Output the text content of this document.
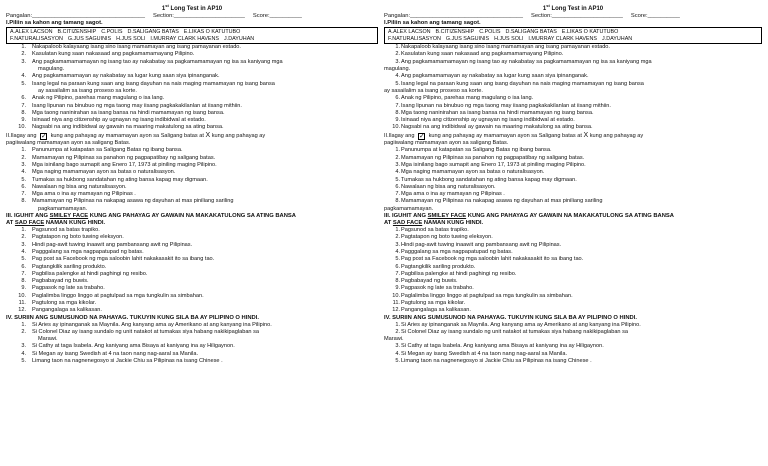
1st Long Test in AP10
Pangalan:___________________________________ Section:______________________ Score:__________
I.Piliin sa kahon ang tamang sagot.
A.ALEX LACSON B.CITIZENSHIP C.POLIS D.SALIGANG BATAS E.LIKAS O KATUTUBO
F.NATURALISASYON G.JUS SAGUINIS H.JUS SOLI I.MURRAY CLARK HAVENS J.DAYUHAN
1.	Nakapaloob kalayaang isang sino isang mamamayan ang isang pamayanan estado.
2.	Kasulatan kung saan nakasaad ang pagkamamamayang Pilipino.
3.	Ang pagkamamamamayan ng isang tao ay nakabatay sa pagkamamamayan ng isa sa kaniyang mga
magulang.
4.	Ang pagkamamamayan ay nakabatay sa lugar kung saan siya ipinanganak.
5.	Isang legal na paraan kung saan ang isang dayuhan na nais maging mamamayan ng isang bansa
ay sasailalim sa isang proseso sa korte.
6.	Anak ng Pilipino, parehas mang magulang o isa lang.
7.	Isang lipunan na binubuo ng mga taong may iisang pagkakakilanlan at iisang mithiin.
8.	Mga taong naninirahan sa isang bansa na hindi mamamayan ng isang bansa.
9.	Isinaad niya ang citizenship ay ugnayan ng isang indibidwal at estado.
10.	Nagsabi na ang indibidwal ay gawain na maaring makatulong sa ating bansa.
II.Ilagay ang ✓ kung ang pahayag ay mamamayan ayon sa Saligang batas at X kung ang pahayag ay
pagiiwalang mamamayan ayon sa saligang Batas.
1.	Panunumpa at katapatan sa Saligang Batas ng ibang bansa.
2.	Mamamayan ng Pilipinas sa panahon ng pagpapatibay ng saligang batas.
3.	Mga isinilang bago sumapit ang Enero 17, 1973 at piniling maging Pilipino.
4.	Mga naging mamamayan ayon sa batas o naturalisasyon.
5.	Tumakas sa hukbong sandatahan ng ating bansa kapag may digmaan.
6.	Nawalaan ng bisa ang naturalisasyon.
7.	Mga ama o ina ay mamayan ng Pilipinas .
8.	Mamamayan ng Pilipinas na nakapag asawa ng dayuhan at mas piniliang sariling
pagkamamamayan.
III. IGUHIT ANG SMILEY FACE KUNG ANG PAHAYAG AY GAWAIN NA MAKAKATULONG SA ATING BANSA
AT SAD FACE NAMAN KUNG HINDI.
1.	Pagsunod sa batas trapiko.
2.	Pagtatapon ng boto tuwing eleksyon.
3.	Hindi pag-awit tuwing inaawit ang pambansang awit ng Pilipinas.
4.	Pagggalang sa mga nagpapatupad ng batas.
5.	Pag post sa Facebook ng mga saloobin lahit nakakasakit ito sa ibang tao.
6.	Pagtangkilik sariling produkto.
7.	Pagbilisa palengke at hindi paghingi ng resibo.
8.	Pagbabayad ng buwis.
9.	Pagpasok ng late sa trabaho.
10.	Paglalimba linggo linggo at pagtulpad sa mga tungkulin sa simbahan.
11.	Pagtulong sa mga kikolar.
12.	Pangangalaga sa kalikasan.
IV. SURIIN ANG SUMUSUNOD NA PAHAYAG. TUKUYIN KUNG SILA BA AY PILIPINO O HINDI.
1.	Si Aries ay ipinanganak sa Maynila. Ang kanyang ama ay Amerikano at ang kanyang ina Pilipino.
2.	Si Colonel Diaz ay isang sundalo ng unit natakot at tumakas siya habang nakikipaglaban sa
Marawi.
3.	Si Cathy at taga Isabela. Ang kaniyang ama Bisaya at kaniyang ina ay Hiligaynon.
4.	Si Megan ay isang Swedish at 4 na taon nang nag-aaral sa Manila.
5.	Limang taon na nagnenegosyo si Jackie Chiu sa Pilipinas na isang Chinese .
1st Long Test in AP10
Pangalan:___________________________________ Section:______________________ Score:__________
I.Piliin sa kahon ang tamang sagot.
A.ALEX LACSON B.CITIZENSHIP C.POLIS D.SALIGANG BATAS E.LIKAS O KATUTUBO
F.NATURALISASYON G.JUS SAGUINIS H.JUS SOLI I.MURRAY CLARK HAVENS J.DAYUHAN
1. Nakapaloob kalayaang isang sino isang mamamayan ang isang pamayanan estado.
2. Kasulatan kung saan nakasaad ang pagkamamamayang Pilipino.
3. Ang pagkamamamamayan ng isang tao ay nakabatay sa pagkamamamayan ng isa sa kaniyang mga
magulang.
4. Ang pagkamamamayan ay nakabatay sa lugar kung saan siya ipinanganak.
5. Isang legal na paraan kung saan ang isang dayuhan na nais maging mamamayan ng isang bansa
ay sasailalim sa isang proseso sa korte.
6. Anak ng Pilipino, parehas mang magulang o isa lang.
7. Isang lipunan na binubuo ng mga taong may iisang pagkakakilanlan at iisang mithiin.
8. Mga taong naninirahan sa isang bansa na hindi mamamayan ng isang bansa.
9. Isinaad niya ang citizenship ay ugnayan ng isang indibidwal at estado.
10. Nagsabi na ang indibidwal ay gawain na maaring makatulong sa ating bansa.
II.Ilagay ang ✓ kung ang pahayag ay mamamayan ayon sa Saligang batas at X kung ang pahayag ay
pagiiwalang mamamayan ayon sa saligang Batas.
1. Panunumpa at katapatan sa Saligang Batas ng ibang bansa.
2. Mamamayan ng Pilipinas sa panahon ng pagpapatibay ng saligang batas.
3. Mga isinilang bago sumapit ang Enero 17, 1973 at piniling maging Pilipino.
4. Mga naging mamamayan ayon sa batas o naturalisasyon.
5. Tumakas sa hukbong sandatahan ng ating bansa kapag may digmaan.
6. Nawalaan ng bisa ang naturalisasyon.
7. Mga ama o ina ay mamayan ng Pilipinas .
8. Mamamayan ng Pilipinas na nakapag asawa ng dayuhan at mas piniliang sariling
pagkamamamayan.
III. IGUHIT ANG SMILEY FACE KUNG ANG PAHAYAG AY GAWAIN NA MAKAKATULONG SA ATING BANSA
AT SAD FACE NAMAN KUNG HINDI.
1. Pagsunod sa batas trapiko.
2. Pagtatapon ng boto tuwing eleksyon.
3. Hindi pag-awit tuwing inaawit ang pambansang awit ng Pilipinas.
4. Pagggalang sa mga nagpapatupad ng batas.
5. Pag post sa Facebook ng mga saloobin lahit nakakasakit ito sa ibang tao.
6. Pagtangkilik sariling produkto.
7. Pagbilisa palengke at hindi paghingi ng resibo.
8. Pagbabayad ng buwis.
9. Pagpasok ng late sa trabaho.
10. Paglalimba linggo linggo at pagtulpad sa mga tungkulin sa simbahan.
11. Pagtulong sa mga kikolar.
12. Pangangalaga sa kalikasan.
IV. SURIIN ANG SUMUSUNOD NA PAHAYAG. TUKUYIN KUNG SILA BA AY PILIPINO O HINDI.
1. Si Aries ay ipinanganak sa Maynila. Ang kanyang ama ay Amerikano at ang kanyang ina Pilipino.
2. Si Colonel Diaz ay isang sundalo ng unit natakot at tumakas siya habang nakikipaglaban sa
Marawi.
3. Si Cathy at taga Isabela. Ang kaniyang ama Bisaya at kaniyang ina ay Hiligaynon.
4. Si Megan ay isang Swedish at 4 na taon nang nag-aaral sa Manila.
5. Limang taon na nagnenegosyo si Jackie Chiu sa Pilipinas na isang Chinese .
